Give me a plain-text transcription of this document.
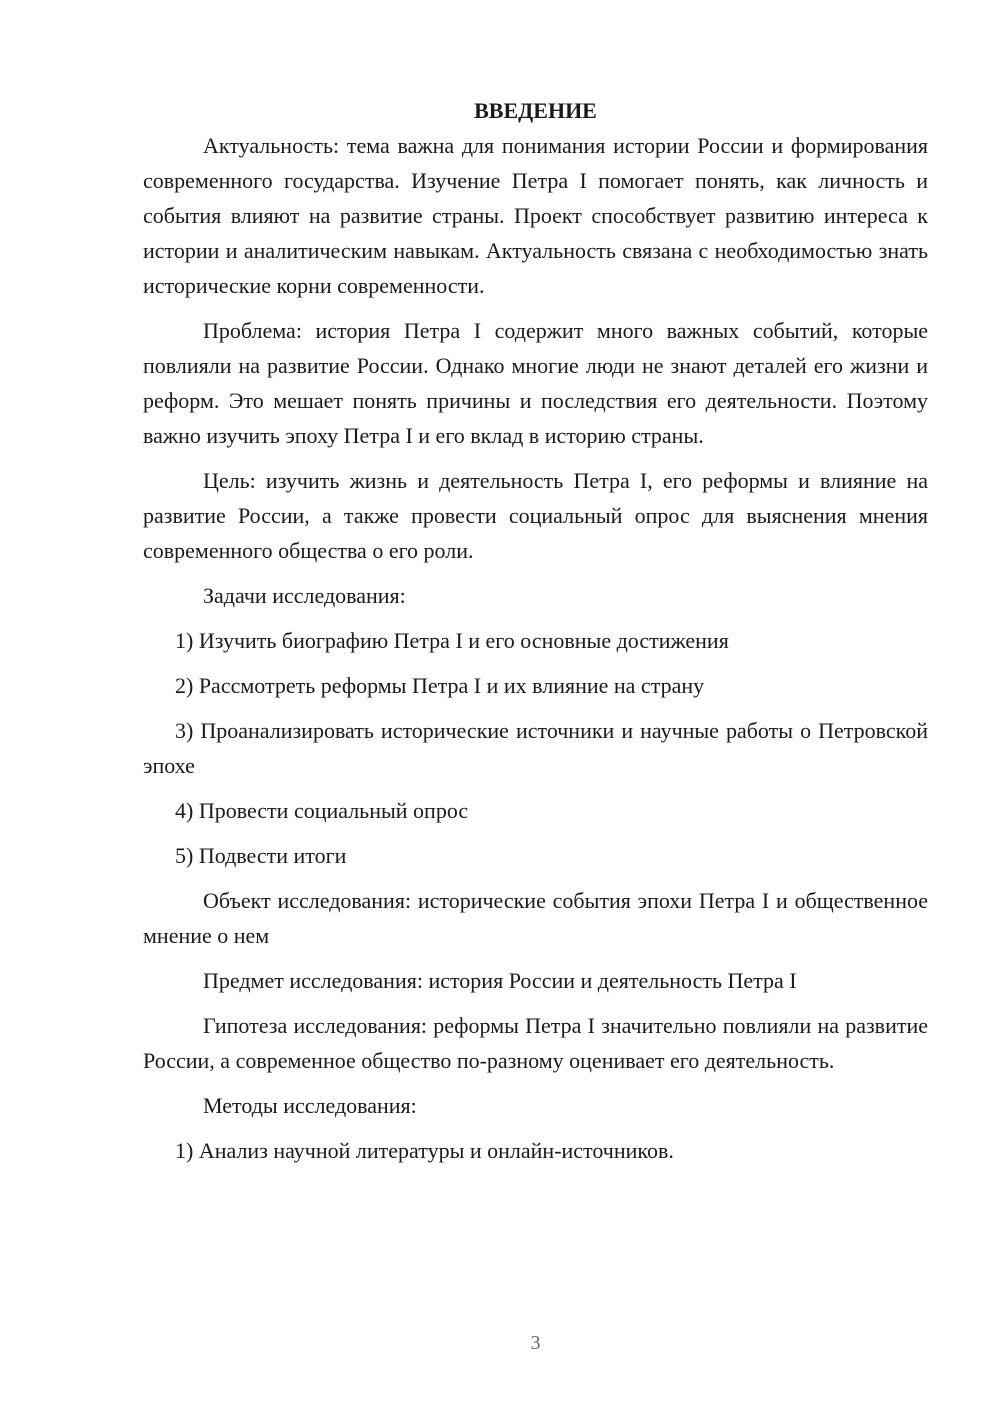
ВВЕДЕНИЕ

Актуальность: тема важна для понимания истории России и формирования современного государства. Изучение Петра I помогает понять, как личность и события влияют на развитие страны. Проект способствует развитию интереса к истории и аналитическим навыкам. Актуальность связана с необходимостью знать исторические корни современности.

Проблема: история Петра I содержит много важных событий, которые повлияли на развитие России. Однако многие люди не знают деталей его жизни и реформ. Это мешает понять причины и последствия его деятельности. Поэтому важно изучить эпоху Петра I и его вклад в историю страны.

Цель: изучить жизнь и деятельность Петра I, его реформы и влияние на развитие России, а также провести социальный опрос для выяснения мнения современного общества о его роли.

Задачи исследования:

1) Изучить биографию Петра I и его основные достижения

2) Рассмотреть реформы Петра I и их влияние на страну

3) Проанализировать исторические источники и научные работы о Петровской эпохе

4) Провести социальный опрос

5) Подвести итоги

Объект исследования: исторические события эпохи Петра I и общественное мнение о нем

Предмет исследования: история России и деятельность Петра I

Гипотеза исследования: реформы Петра I значительно повлияли на развитие России, а современное общество по-разному оценивает его деятельность.

Методы исследования:

1) Анализ научной литературы и онлайн-источников.

3
